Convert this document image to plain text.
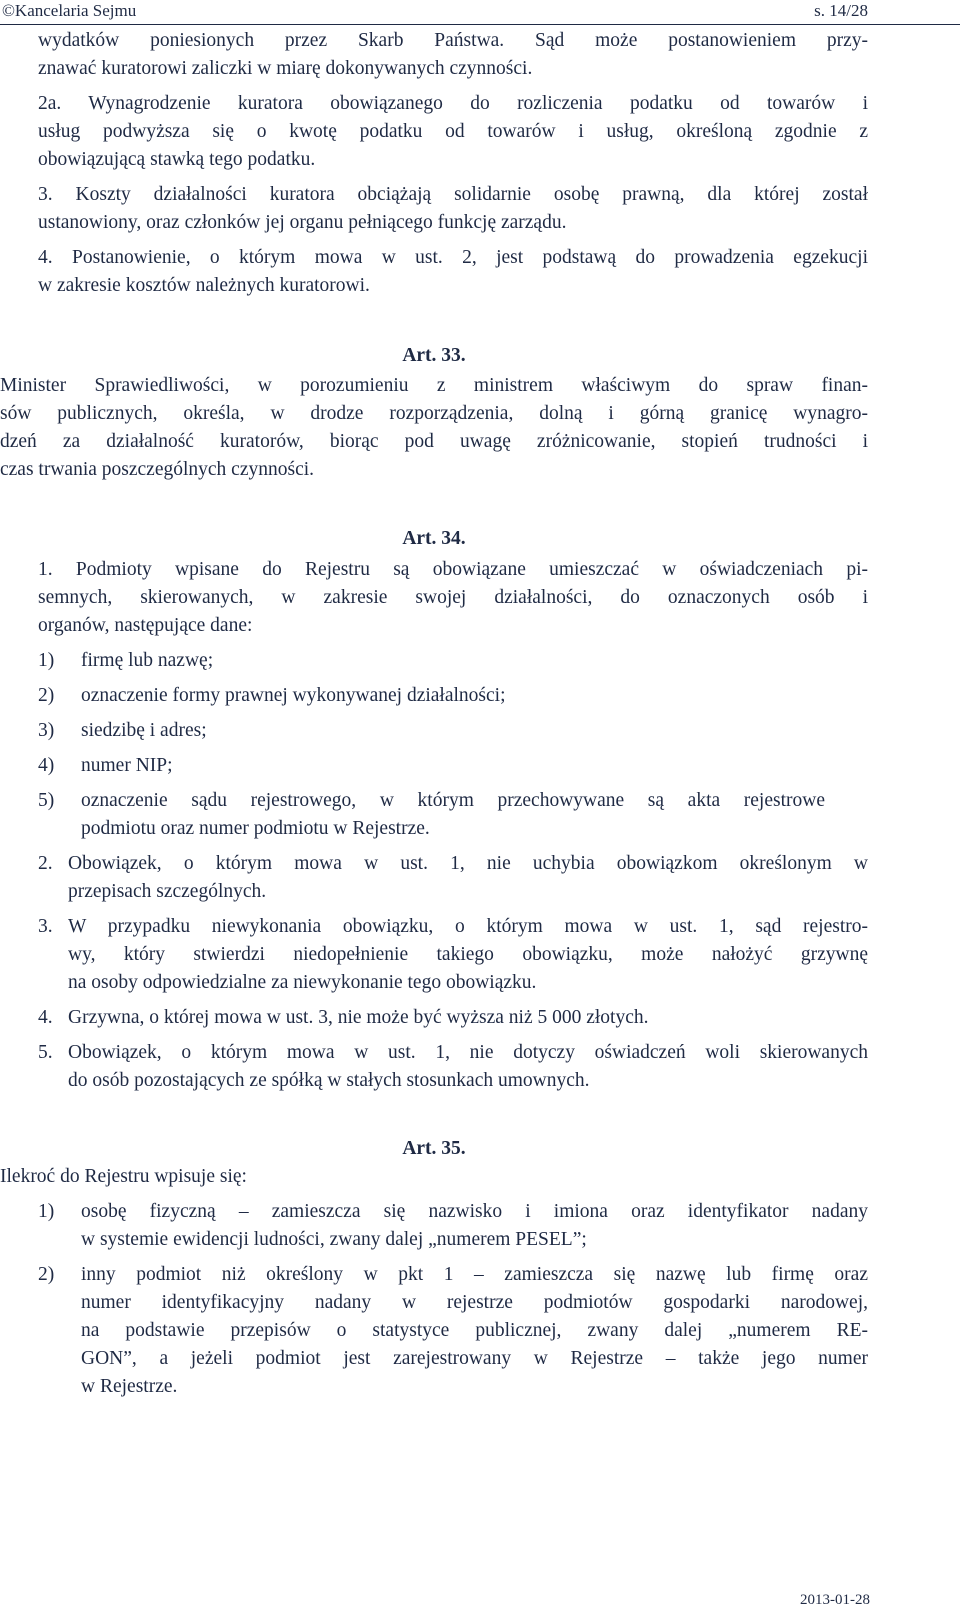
©Kancelaria Sejmu	s. 14/28
wydatków poniesionych przez Skarb Państwa. Sąd może postanowieniem przy-
znawać kuratorowi zaliczki w miarę dokonywanych czynności.
2a. Wynagrodzenie kuratora obowiązanego do rozliczenia podatku od towarów i
usług podwyższa się o kwotę podatku od towarów i usług, określoną zgodnie z
obowiązującą stawką tego podatku.
3. Koszty działalności kuratora obciążają solidarnie osobę prawną, dla której został
ustanowiony, oraz członków jej organu pełniącego funkcję zarządu.
4. Postanowienie, o którym mowa w ust. 2, jest podstawą do prowadzenia egzekucji
w zakresie kosztów należnych kuratorowi.

Art. 33.

Minister Sprawiedliwości, w porozumieniu z ministrem właściwym do spraw finan-
sów publicznych, określa, w drodze rozporządzenia, dolną i górną granicę wynagro-
dzeń za działalność kuratorów, biorąc pod uwagę zróżnicowanie, stopień trudności i
czas trwania poszczególnych czynności.

Art. 34.

1. Podmioty wpisane do Rejestru są obowiązane umieszczać w oświadczeniach pi-
semnych, skierowanych, w zakresie swojej działalności, do oznaczonych osób i
organów, następujące dane:
1)	firmę lub nazwę;
2)	oznaczenie formy prawnej wykonywanej działalności;
3)	siedzibę i adres;
4)	numer NIP;
5)	oznaczenie sądu rejestrowego, w którym przechowywane są akta rejestrowe
podmiotu oraz numer podmiotu w Rejestrze.
2. Obowiązek, o którym mowa w ust. 1, nie uchybia obowiązkom określonym w
przepisach szczególnych.
3. W przypadku niewykonania obowiązku, o którym mowa w ust. 1, sąd rejestro-
wy, który stwierdzi niedopełnienie takiego obowiązku, może nałożyć grzywnę
na osoby odpowiedzialne za niewykonanie tego obowiązku.
4. Grzywna, o której mowa w ust. 3, nie może być wyższa niż 5 000 złotych.
5. Obowiązek, o którym mowa w ust. 1, nie dotyczy oświadczeń woli skierowanych
do osób pozostających ze spółką w stałych stosunkach umownych.

Art. 35.

Ilekroć do Rejestru wpisuje się:
1)	osobę fizyczną – zamieszcza się nazwisko i imiona oraz identyfikator nadany
w systemie ewidencji ludności, zwany dalej „numerem PESEL”;
2)	inny podmiot niż określony w pkt 1 – zamieszcza się nazwę lub firmę oraz
numer identyfikacyjny nadany w rejestrze podmiotów gospodarki narodowej,
na podstawie przepisów o statystyce publicznej, zwany dalej „numerem RE-
GON”, a jeżeli podmiot jest zarejestrowany w Rejestrze – także jego numer
w Rejestrze.
2013-01-28
